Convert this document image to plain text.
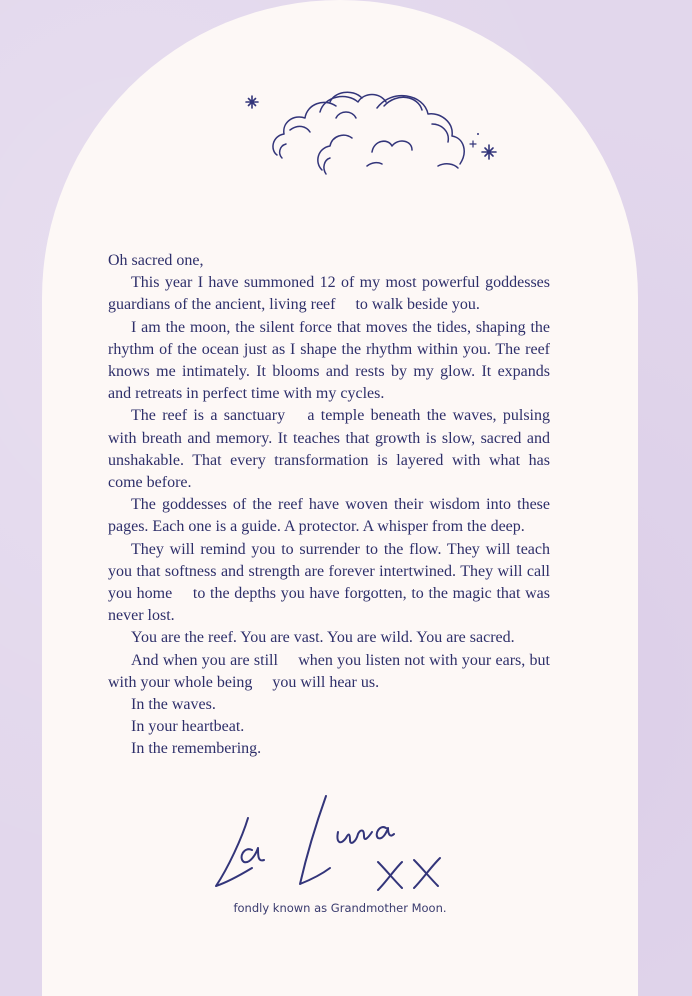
Oh sacred one,

This year I have summoned 12 of my most powerful goddesses guardians of the ancient, living reef  to walk beside you.

I am the moon, the silent force that moves the tides, shaping the rhythm of the ocean just as I shape the rhythm within you. The reef knows me intimately. It blooms and rests by my glow. It expands and retreats in perfect time with my cycles.

The reef is a sanctuary  a temple beneath the waves, pulsing with breath and memory. It teaches that growth is slow, sacred and unshakable. That every transformation is layered with what has come before.

The goddesses of the reef have woven their wisdom into these pages. Each one is a guide. A protector. A whisper from the deep.

They will remind you to surrender to the flow. They will teach you that softness and strength are forever intertwined. They will call you home  to the depths you have forgotten, to the magic that was never lost.

You are the reef. You are vast. You are wild. You are sacred.

And when you are still  when you listen not with your ears, but with your whole being  you will hear us.

In the waves.

In your heartbeat.

In the remembering.

fondly known as Grandmother Moon.
